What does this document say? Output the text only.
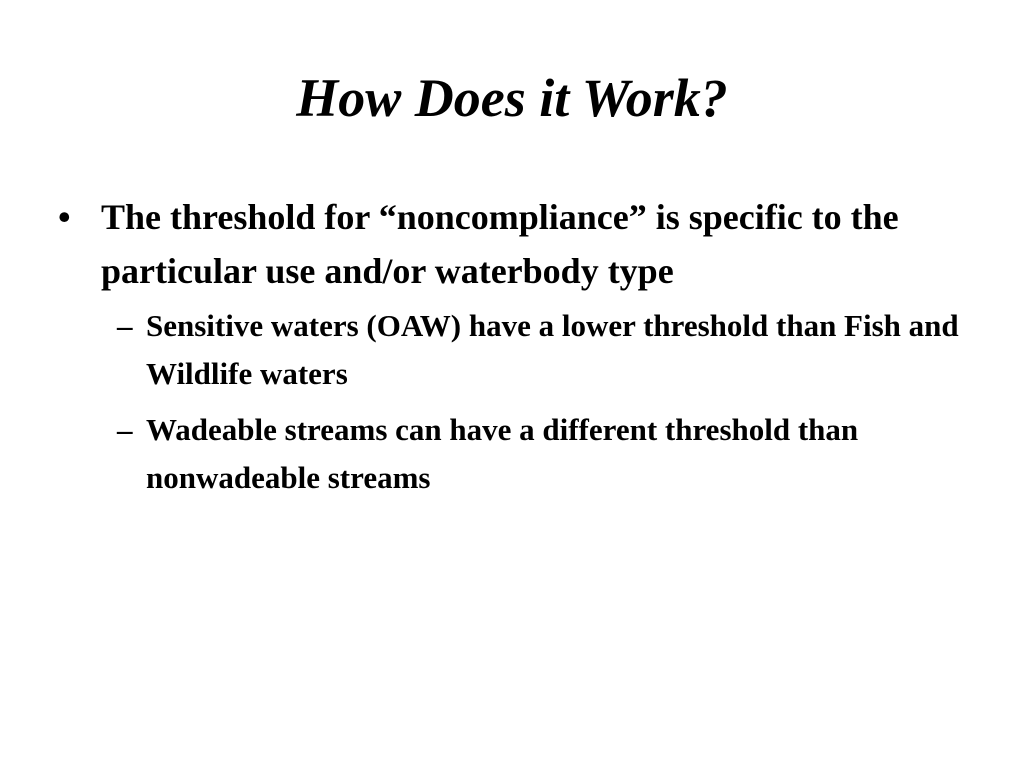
How Does it Work?
• The threshold for “noncompliance” is specific to the particular use and/or waterbody type
– Sensitive waters (OAW) have a lower threshold than Fish and Wildlife waters
– Wadeable streams can have a different threshold than nonwadeable streams
